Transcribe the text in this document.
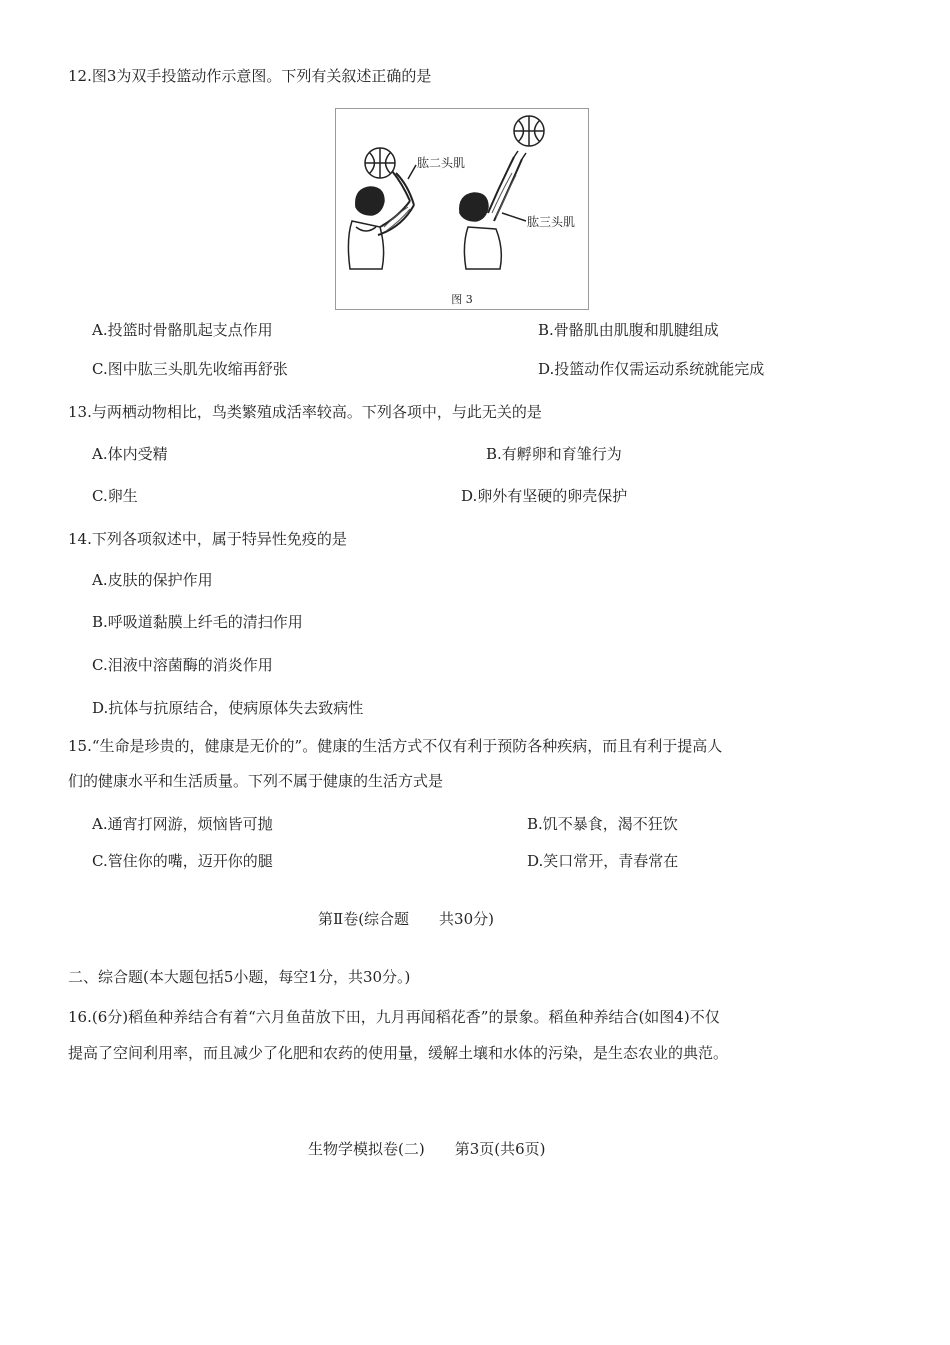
12.图3为双手投篮动作示意图。下列有关叙述正确的是
肱二头肌
肱三头肌
图 3
A.投篮时骨骼肌起支点作用	B.骨骼肌由肌腹和肌腱组成
C.图中肱三头肌先收缩再舒张	D.投篮动作仅需运动系统就能完成
13.与两栖动物相比，鸟类繁殖成活率较高。下列各项中，与此无关的是
A.体内受精	B.有孵卵和育雏行为
C.卵生	D.卵外有坚硬的卵壳保护
14.下列各项叙述中，属于特异性免疫的是
A.皮肤的保护作用
B.呼吸道黏膜上纤毛的清扫作用
C.泪液中溶菌酶的消炎作用
D.抗体与抗原结合，使病原体失去致病性
15.“生命是珍贵的，健康是无价的”。健康的生活方式不仅有利于预防各种疾病，而且有利于提高人
们的健康水平和生活质量。下列不属于健康的生活方式是
A.通宵打网游，烦恼皆可抛	B.饥不暴食，渴不狂饮
C.管住你的嘴，迈开你的腿	D.笑口常开，青春常在
第Ⅱ卷(综合题　　共30分)
二、综合题(本大题包括5小题，每空1分，共30分。)
16.(6分)稻鱼种养结合有着“六月鱼苗放下田，九月再闻稻花香”的景象。稻鱼种养结合(如图4)不仅
提高了空间利用率，而且减少了化肥和农药的使用量，缓解土壤和水体的污染，是生态农业的典范。
生物学模拟卷(二)　　第3页(共6页)
